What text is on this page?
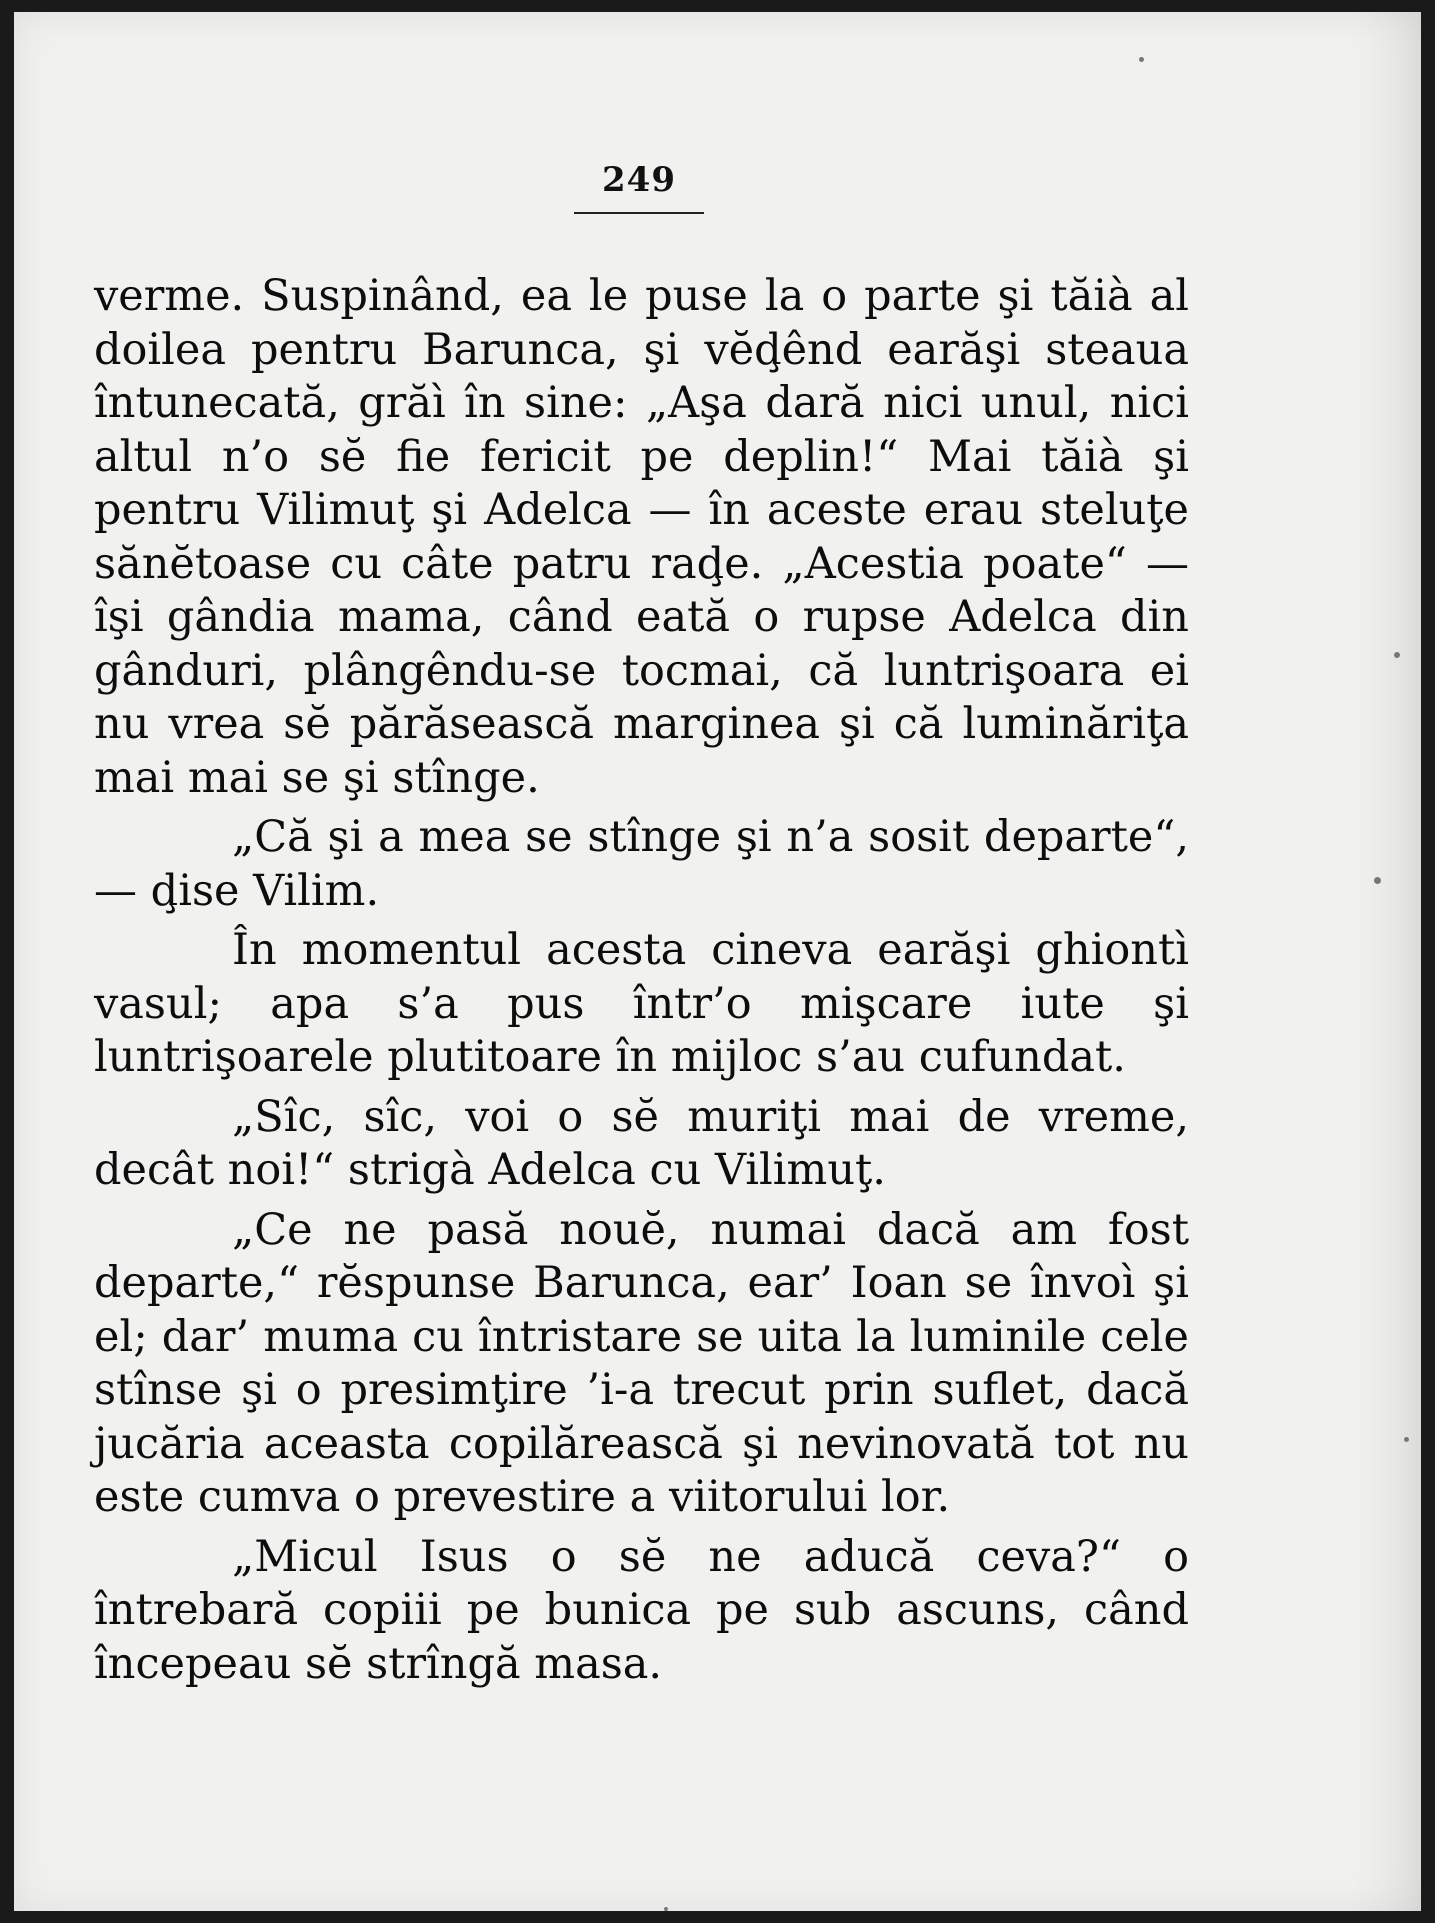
249

verme. Suspinând, ea le puse la o parte şi tăià al doilea pentru Barunca, şi vĕḑênd earăşi steaua întunecată, grăì în sine: „Aşa dară nici unul, nici altul n’o sĕ fie fericit pe deplin!“ Mai tăià şi pentru Vilimuţ şi Adelca — în aceste erau steluţe sănĕtoase cu câte patru raḑe. „Acestia poate“ — îşi gândia mama, când eată o rupse Adelca din gânduri, plângêndu-se tocmai, că luntrişoara ei nu vrea sĕ părăsească marginea şi că luminăriţa mai mai se şi stînge.

„Că şi a mea se stînge şi n’a sosit departe“, — ḑise Vilim.

În momentul acesta cineva earăşi ghiontì vasul; apa s’a pus într’o mişcare iute şi luntrişoarele plutitoare în mijloc s’au cufundat.

„Sîc, sîc, voi o sĕ muriţi mai de vreme, decât noi!“ strigà Adelca cu Vilimuţ.

„Ce ne pasă nouĕ, numai dacă am fost departe,“ rĕspunse Barunca, ear’ Ioan se învoì şi el; dar’ muma cu întristare se uita la luminile cele stînse şi o presimţire ’i-a trecut prin suflet, dacă jucăria aceasta copilărească şi nevinovată tot nu este cumva o prevestire a viitorului lor.

„Micul Isus o sĕ ne aducă ceva?“ o întrebară copiii pe bunica pe sub ascuns, când începeau sĕ strîngă masa.
